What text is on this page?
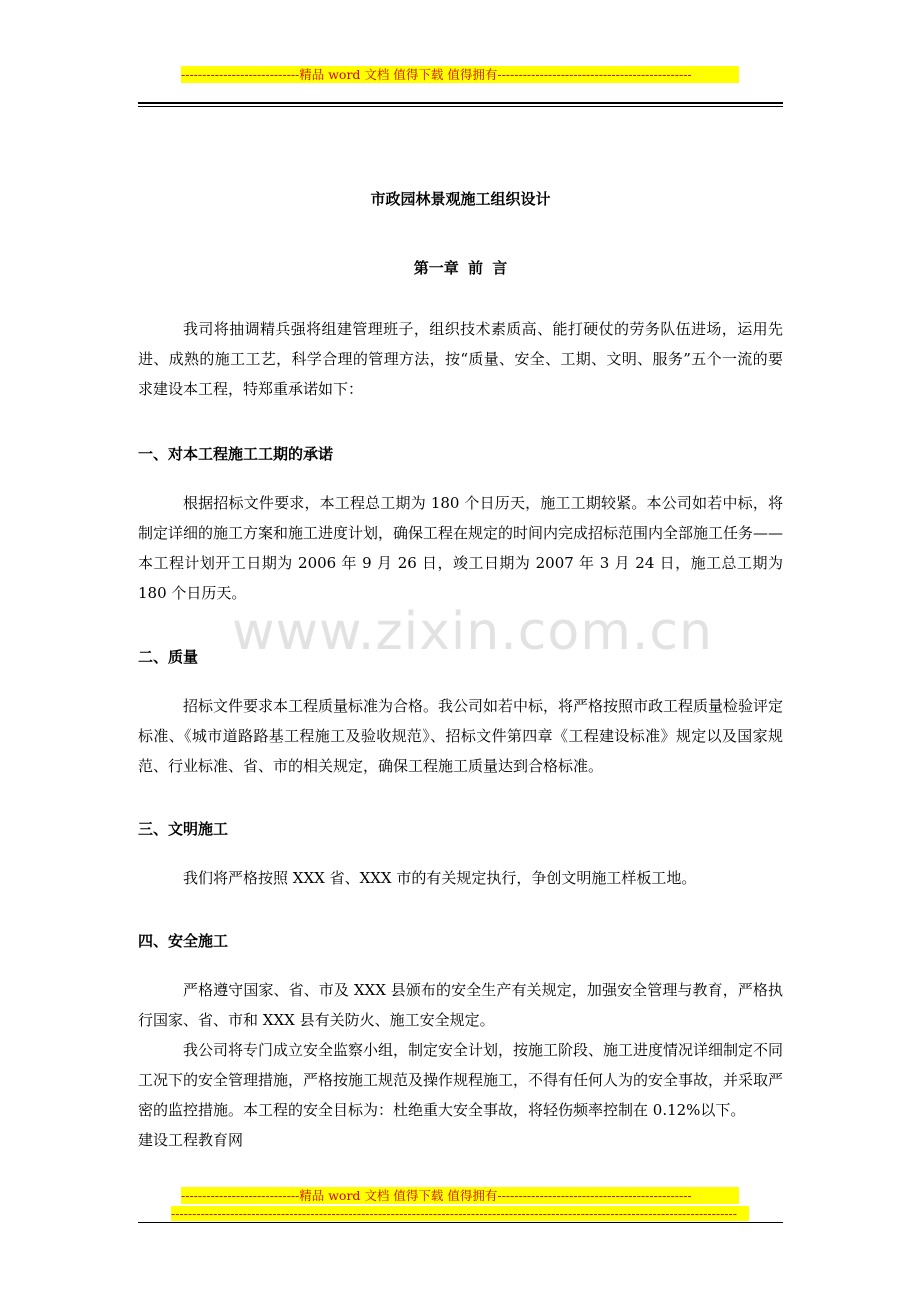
----------------------------精品 word 文档 值得下载 值得拥有----------------------------------------------
www.zixin.com.cn
市政园林景观施工组织设计
第一章 前 言

我司将抽调精兵强将组建管理班子，组织技术素质高、能打硬仗的劳务队伍进场，运用先进、成熟的施工工艺，科学合理的管理方法，按“质量、安全、工期、文明、服务”五个一流的要求建设本工程，特郑重承诺如下：

一、对本工程施工工期的承诺

根据招标文件要求，本工程总工期为 180 个日历天，施工工期较紧。本公司如若中标，将制定详细的施工方案和施工进度计划，确保工程在规定的时间内完成招标范围内全部施工任务——本工程计划开工日期为 2006 年 9 月 26 日，竣工日期为 2007 年 3 月 24 日，施工总工期为 180 个日历天。

二、质量

招标文件要求本工程质量标准为合格。我公司如若中标，将严格按照市政工程质量检验评定标准、《城市道路路基工程施工及验收规范》、招标文件第四章《工程建设标准》规定以及国家规范、行业标准、省、市的相关规定，确保工程施工质量达到合格标准。

三、文明施工

我们将严格按照 XXX 省、XXX 市的有关规定执行，争创文明施工样板工地。

四、安全施工

严格遵守国家、省、市及 XXX 县颁布的安全生产有关规定，加强安全管理与教育，严格执行国家、省、市和 XXX 县有关防火、施工安全规定。

我公司将专门成立安全监察小组，制定安全计划，按施工阶段、施工进度情况详细制定不同工况下的安全管理措施，严格按施工规范及操作规程施工，不得有任何人为的安全事故，并采取严密的监控措施。本工程的安全目标为：杜绝重大安全事故，将轻伤频率控制在 0.12%以下。

建设工程教育网

----------------------------精品 word 文档 值得下载 值得拥有----------------------------------------------
--------------------------------------------------------------------------------------------------------------------------------------
